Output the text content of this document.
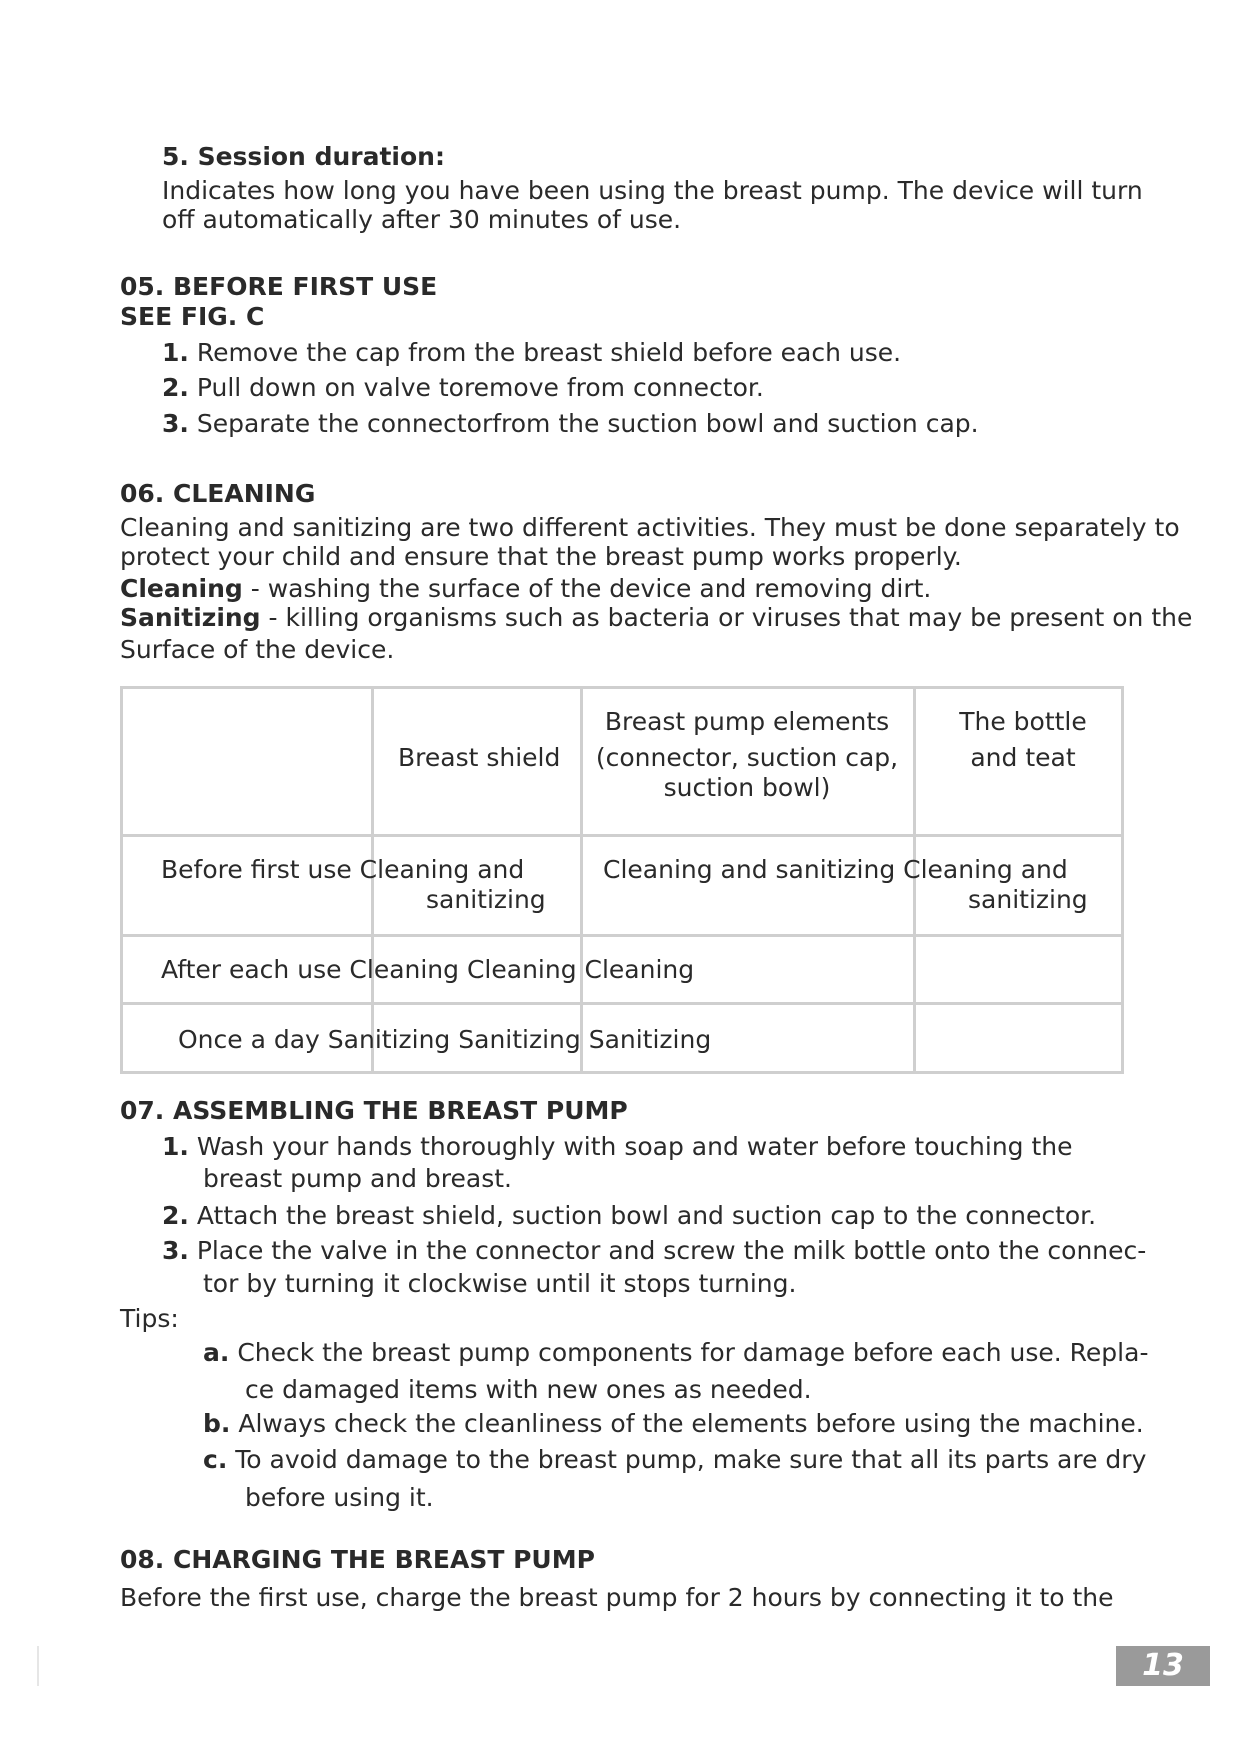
5. Session duration:
Indicates how long you have been using the breast pump. The device will turn
off automatically after 30 minutes of use.
05. BEFORE FIRST USE
SEE FIG. C
1. Remove the cap from the breast shield before each use.
2. Pull down on valve toremove from connector.
3. Separate the connectorfrom the suction bowl and suction cap.
06. CLEANING
Cleaning and sanitizing are two different activities. They must be done separately to
protect your child and ensure that the breast pump works properly.
Cleaning - washing the surface of the device and removing dirt.
Sanitizing - killing organisms such as bacteria or viruses that may be present on the
Surface of the device.
Breast shield
Breast pump elements
(connector, suction cap,
suction bowl)
The bottle
and teat
Before first use Cleaning and
sanitizing
Cleaning and sanitizing Cleaning and
sanitizing
After each use Cleaning Cleaning Cleaning
Once a day Sanitizing Sanitizing Sanitizing
07. ASSEMBLING THE BREAST PUMP
1. Wash your hands thoroughly with soap and water before touching the
breast pump and breast.
2. Attach the breast shield, suction bowl and suction cap to the connector.
3. Place the valve in the connector and screw the milk bottle onto the connec-
tor by turning it clockwise until it stops turning.
Tips:
a. Check the breast pump components for damage before each use. Repla-
ce damaged items with new ones as needed.
b. Always check the cleanliness of the elements before using the machine.
c. To avoid damage to the breast pump, make sure that all its parts are dry
before using it.
08. CHARGING THE BREAST PUMP
Before the first use, charge the breast pump for 2 hours by connecting it to the
13
